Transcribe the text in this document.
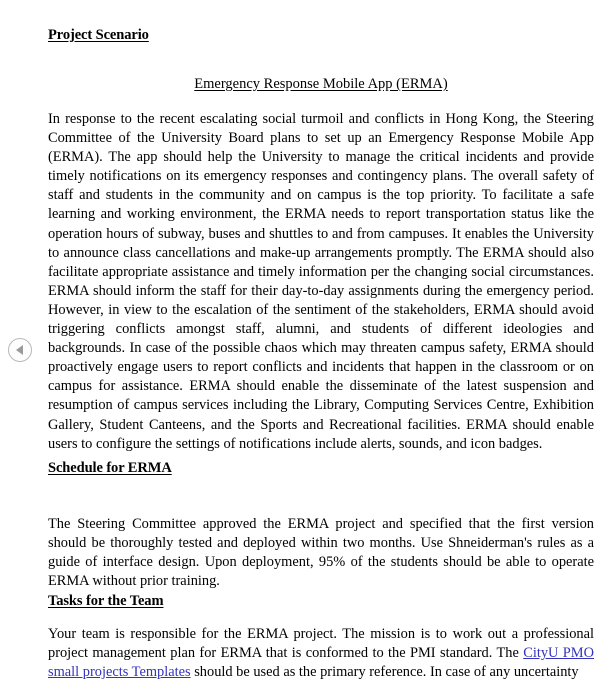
Project Scenario

Emergency Response Mobile App (ERMA)

In response to the recent escalating social turmoil and conflicts in Hong Kong, the Steering Committee of the University Board plans to set up an Emergency Response Mobile App (ERMA). The app should help the University to manage the critical incidents and provide timely notifications on its emergency responses and contingency plans. The overall safety of staff and students in the community and on campus is the top priority. To facilitate a safe learning and working environment, the ERMA needs to report transportation status like the operation hours of subway, buses and shuttles to and from campuses. It enables the University to announce class cancellations and make-up arrangements promptly. The ERMA should also facilitate appropriate assistance and timely information per the changing social circumstances. ERMA should inform the staff for their day-to-day assignments during the emergency period. However, in view to the escalation of the sentiment of the stakeholders, ERMA should avoid triggering conflicts amongst staff, alumni, and students of different ideologies and backgrounds. In case of the possible chaos which may threaten campus safety, ERMA should proactively engage users to report conflicts and incidents that happen in the classroom or on campus for assistance. ERMA should enable the disseminate of the latest suspension and resumption of campus services including the Library, Computing Services Centre, Exhibition Gallery, Student Canteens, and the Sports and Recreational facilities. ERMA should enable users to configure the settings of notifications include alerts, sounds, and icon badges.

Schedule for ERMA

The Steering Committee approved the ERMA project and specified that the first version should be thoroughly tested and deployed within two months. Use Shneiderman's rules as a guide of interface design. Upon deployment, 95% of the students should be able to operate ERMA without prior training.

Tasks for the Team

Your team is responsible for the ERMA project. The mission is to work out a professional project management plan for ERMA that is conformed to the PMI standard. The CityU PMO small projects Templates should be used as the primary reference. In case of any uncertainty
